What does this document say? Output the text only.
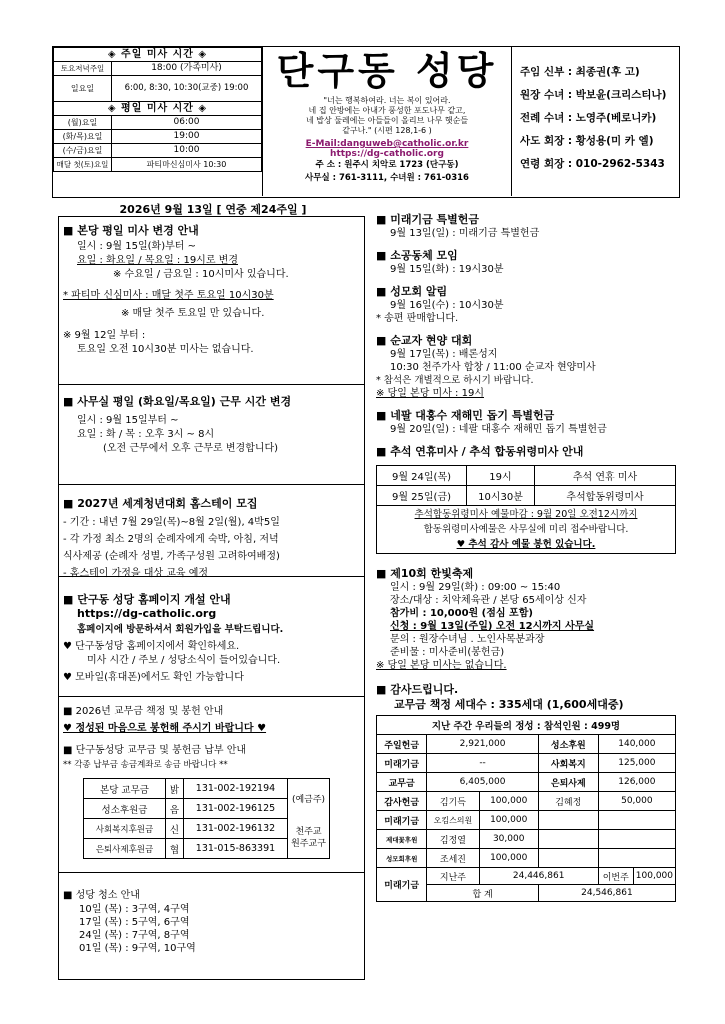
◈ 주일 미사 시간 ◈	
토요저녁주일	18:00 (가족미사)
일요일	6:00, 8:30, 10:30(교중) 19:00
◈ 평일 미사 시간 ◈	
(월)요일	06:00
(화/목)요일	19:00
(수/금)요일	10:00
매달 첫(토)요일	파티마신심미사 10:30
단구동 성당
"너는 행복하여라. 너는 복이 있어라.
네 집 안방에는 아내가 풍성한 포도나무 같고,
네 밥상 둘레에는 아들들이 올리브 나무 햇순들
같구나." (시편 128,1-6 )
E-Mail:danguweb@catholic.or.kr
https://dg-catholic.org
주 소 : 원주시 치악로 1723 (단구동)
사무실 : 761-3111, 수녀원 : 761-0316
주임 신부 : 최종권(후 고)
원장 수녀 : 박보윤(크리스티나)
전례 수녀 : 노영주(베로니카)
사도 회장 : 황성용(미 카 엘)
연령 회장 : 010-2962-5343
2026년 9월 13일 [ 연중 제24주일 ]
■ 본당 평일 미사 변경 안내
일시 : 9월 15일(화)부터 ~
요일 : 화요일 / 목요일 : 19시로 변경
※ 수요일 / 금요일 : 10시미사 있습니다.
* 파티마 신심미사 : 매달 첫주 토요일 10시30분
※ 매달 첫주 토요일 만 있습니다.
※ 9월 12일 부터 :
토요일 오전 10시30분 미사는 없습니다.
■ 사무실 평일 (화요일/목요일) 근무 시간 변경
일시 : 9월 15일부터 ~
요일 : 화 / 목 : 오후 3시 ~ 8시
(오전 근무에서 오후 근무로 변경합니다)
■ 2027년 세계청년대회 홈스테이 모집
- 기간 : 내년 7월 29일(목)~8월 2일(월), 4박5일
- 각 가정 최소 2명의 순례자에게 숙박, 아침, 저녁
식사제공 (순례자 성별, 가족구성원 고려하여배정)
- 홈스테이 가정을 대상 교육 예정
■ 단구동 성당 홈페이지 개설 안내
https://dg-catholic.org
홈페이지에 방문하셔서 회원가입을 부탁드립니다.
♥ 단구동성당 홈페이지에서 확인하세요.
미사 시간 / 주보 / 성당소식이 들어있습니다.
♥ 모바일(휴대폰)에서도 확인 가능합니다
■ 2026년 교무금 책정 및 봉헌 안내
♥ 정성된 마음으로 봉헌해 주시기 바랍니다 ♥
■ 단구동성당 교무금 및 봉헌금 납부 안내
** 각종 납부금 송금계좌로 송금 바랍니다 **
본당 교무금	밝	131-002-192194	(예금주)
성소후원금	음	131-002-196125	
사회복지후원금	신	131-002-196132	천주교 원주교구
은퇴사제후원금	협	131-015-863391	
■ 성당 청소 안내
10일 (목) : 3구역, 4구역
17일 (목) : 5구역, 6구역
24일 (목) : 7구역, 8구역
01일 (목) : 9구역, 10구역
■ 미래기금 특별헌금
9월 13일(일) : 미래기금 특별헌금
■ 소공동체 모임
9월 15일(화) : 19시30분
■ 성모회 알림
9월 16일(수) : 10시30분
* 송편 판매합니다.
■ 순교자 현양 대회
9월 17일(목) : 배론성지
10:30 천주가사 합창 / 11:00 순교자 현양미사
* 참석은 개별적으로 하시기 바랍니다.
※ 당일 본당 미사 : 19시
■ 네팔 대홍수 재해민 돕기 특별헌금
9월 20일(일) : 네팔 대홍수 재해민 돕기 특별헌금
■ 추석 연휴미사 / 추석 합동위령미사 안내
9월 24일(목)	19시	추석 연휴 미사
9월 25일(금)	10시30분	추석합동위령미사

추석합동위령미사 예물마감 : 9월 20일 오전12시까지
합동위령미사예물은 사무실에 미리 접수바랍니다.
♥ 추석 감사 예물 봉헌 있습니다.		
■ 제10회 한빛축제
일시 : 9월 29일(화) : 09:00 ~ 15:40
장소/대상 : 치악체육관 / 본당 65세이상 신자
참가비 : 10,000원 (점심 포함)
신청 : 9월 13일(주일) 오전 12시까지 사무실
문의 : 원장수녀님 . 노인사목분과장
준비물 : 미사준비(봉헌금)
※ 당일 본당 미사는 없습니다.
■ 감사드립니다.
교무금 책정 세대수 : 335세대 (1,600세대중)
지난 주간 우리들의 정성 : 참석인원 : 499명					
주일헌금	2,921,000		성소후원	140,000	
미래기금	--		사회복지	125,000	
교무금	6,405,000		은퇴사제	126,000	
감사헌금	김기득	100,000	김혜정	50,000	
미래기금	오킴스의원	100,000			
제대꽃후원	김정열	30,000			
성모회후원	조세진	100,000			
미래기금	지난주	24,446,861		이번주	100,000
	합 계		24,546,861		
